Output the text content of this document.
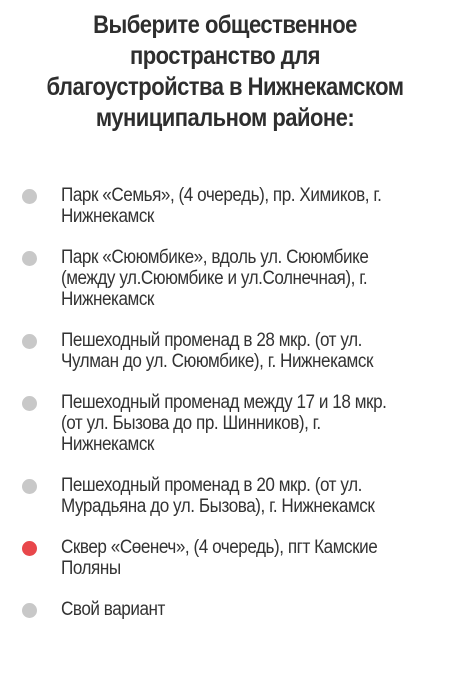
Выберите общественное пространство для благоустройства в Нижнекамском муниципальном районе:
Парк «Семья», (4 очередь), пр. Химиков, г. Нижнекамск
Парк «Сююмбике», вдоль ул. Сююмбике (между ул.Сююмбике и ул.Солнечная), г. Нижнекамск
Пешеходный променад в 28 мкр. (от ул. Чулман до ул. Сююмбике), г. Нижнекамск
Пешеходный променад между 17 и 18 мкр. (от ул. Бызова до пр. Шинников), г. Нижнекамск
Пешеходный променад в 20 мкр. (от ул. Мурадьяна до ул. Бызова), г. Нижнекамск
Сквер «Сөенеч», (4 очередь), пгт Камские Поляны
Свой вариант
